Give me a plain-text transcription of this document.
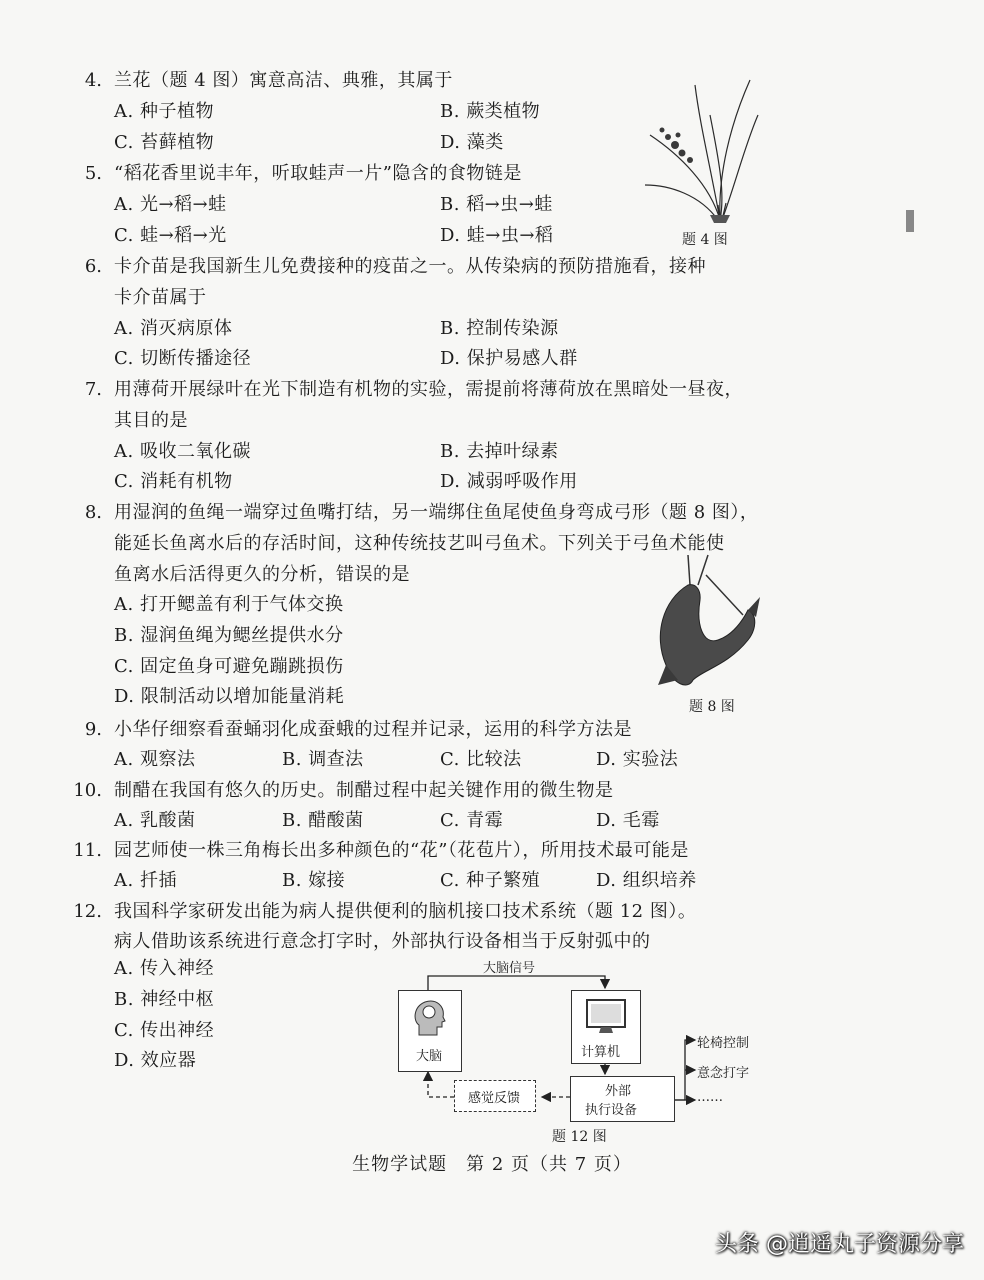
4. 兰花（题 4 图）寓意高洁、典雅，其属于
A. 种子植物	B. 蕨类植物
C. 苔藓植物	D. 藻类
5. “稻花香里说丰年，听取蛙声一片”隐含的食物链是
A. 光→稻→蛙	B. 稻→虫→蛙
C. 蛙→稻→光	D. 蛙→虫→稻	题 4 图
6. 卡介苗是我国新生儿免费接种的疫苗之一。从传染病的预防措施看，接种
卡介苗属于
A. 消灭病原体	B. 控制传染源
C. 切断传播途径	D. 保护易感人群
7. 用薄荷开展绿叶在光下制造有机物的实验，需提前将薄荷放在黑暗处一昼夜，
其目的是
A. 吸收二氧化碳	B. 去掉叶绿素
C. 消耗有机物	D. 减弱呼吸作用
8. 用湿润的鱼绳一端穿过鱼嘴打结，另一端绑住鱼尾使鱼身弯成弓形（题 8 图），
能延长鱼离水后的存活时间，这种传统技艺叫弓鱼术。下列关于弓鱼术能使
鱼离水后活得更久的分析，错误的是
A. 打开鳃盖有利于气体交换
B. 湿润鱼绳为鳃丝提供水分
C. 固定鱼身可避免蹦跳损伤
D. 限制活动以增加能量消耗	题 8 图
9. 小华仔细察看蚕蛹羽化成蚕蛾的过程并记录，运用的科学方法是
A. 观察法	B. 调查法	C. 比较法	D. 实验法
10. 制醋在我国有悠久的历史。制醋过程中起关键作用的微生物是
A. 乳酸菌	B. 醋酸菌	C. 青霉	D. 毛霉
11. 园艺师使一株三角梅长出多种颜色的“花”（花苞片），所用技术最可能是
A. 扦插	B. 嫁接	C. 种子繁殖	D. 组织培养
12. 我国科学家研发出能为病人提供便利的脑机接口技术系统（题 12 图）。
病人借助该系统进行意念打字时，外部执行设备相当于反射弧中的
A. 传入神经
B. 神经中枢
C. 传出神经
D. 效应器
大脑信号
大脑	计算机
感觉反馈	外部
执行设备
轮椅控制
意念打字
……
题 12 图
生物学试题　第 2 页（共 7 页）
头条 @逍遥丸子资源分享
